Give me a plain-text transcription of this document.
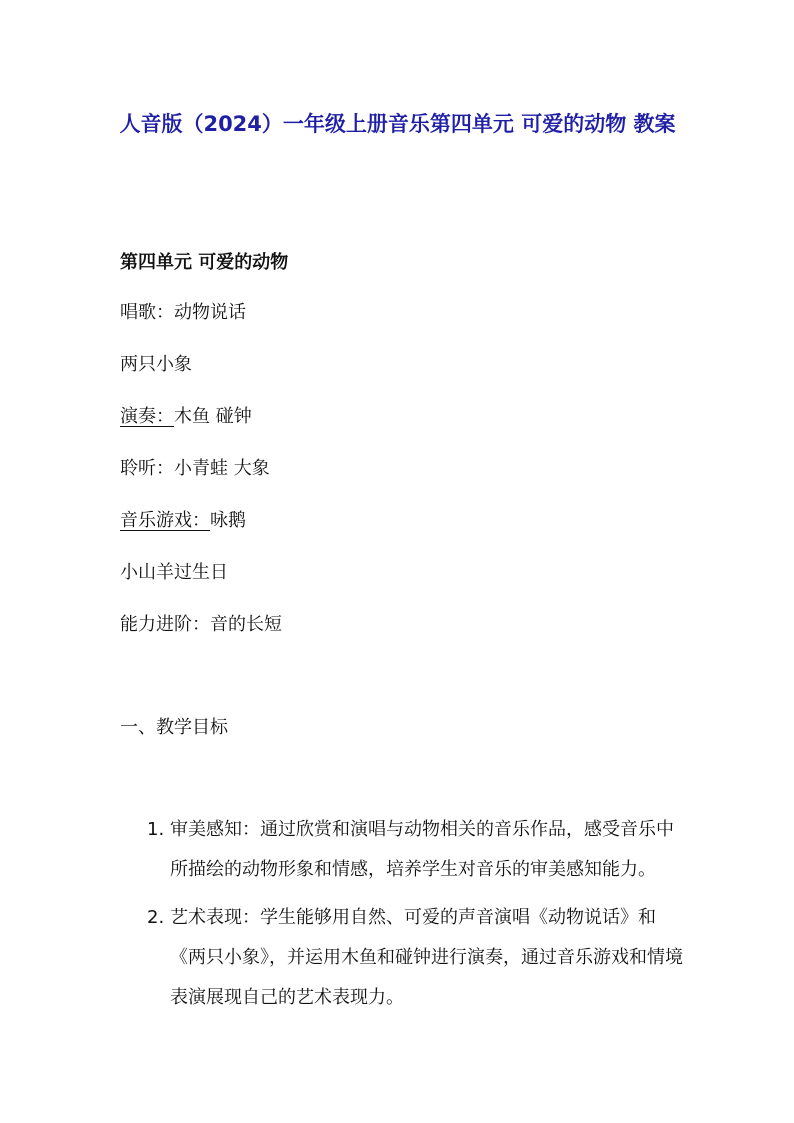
人音版（2024）一年级上册音乐第四单元 可爱的动物 教案
第四单元 可爱的动物
唱歌：动物说话
两只小象
演奏：木鱼 碰钟
聆听：小青蛙 大象
音乐游戏：咏鹅
小山羊过生日
能力进阶：音的长短
一、教学目标
1. 审美感知：通过欣赏和演唱与动物相关的音乐作品，感受音乐中所描绘的动物形象和情感，培养学生对音乐的审美感知能力。
2. 艺术表现：学生能够用自然、可爱的声音演唱《动物说话》和《两只小象》，并运用木鱼和碰钟进行演奏，通过音乐游戏和情境表演展现自己的艺术表现力。
